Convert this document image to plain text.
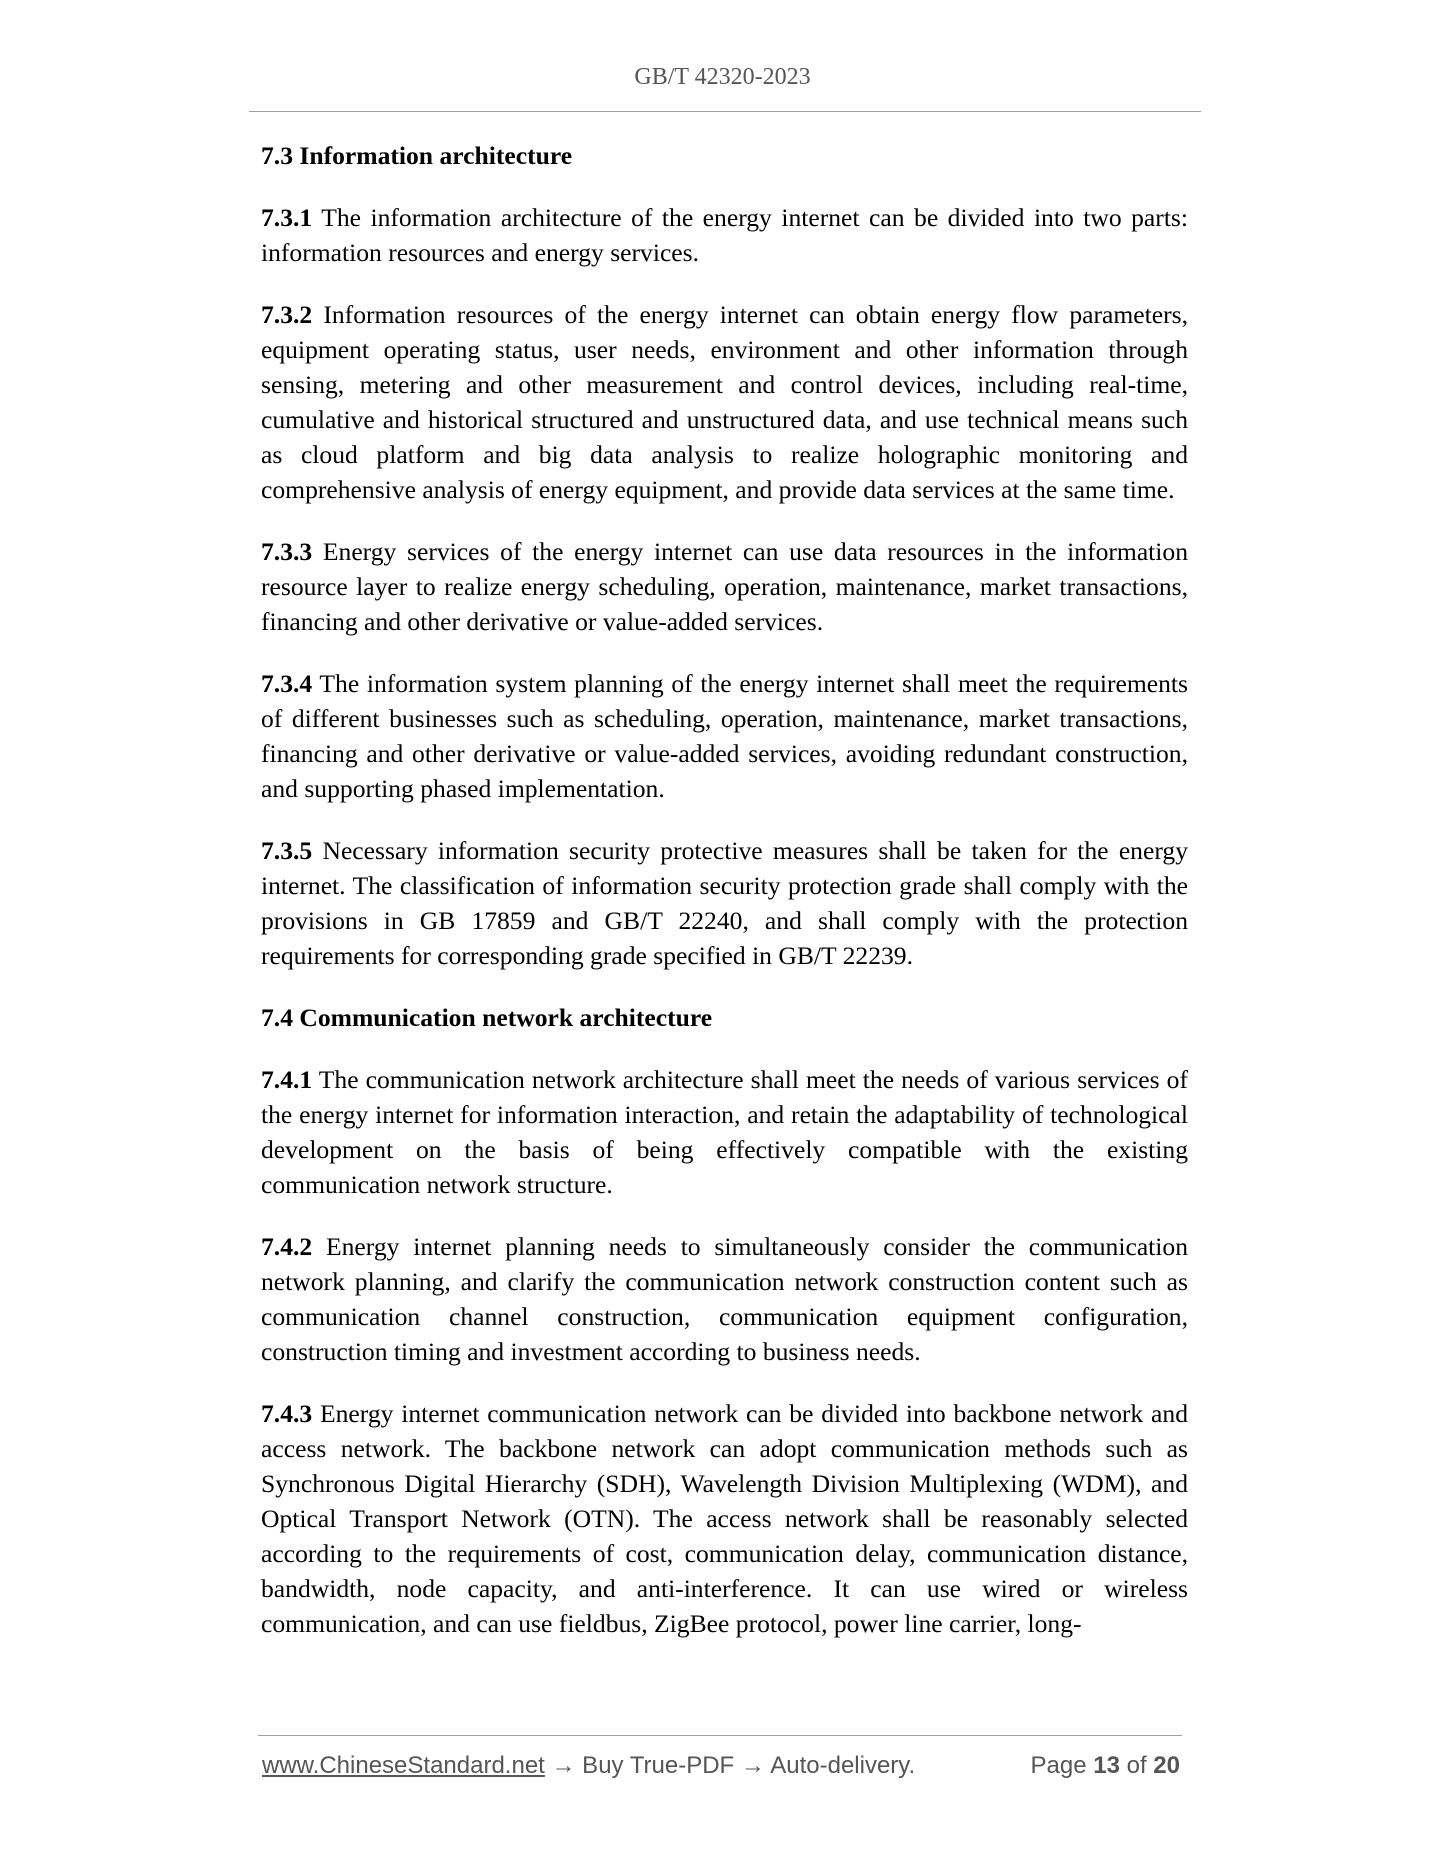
GB/T 42320-2023
7.3 Information architecture

7.3.1 The information architecture of the energy internet can be divided into two parts: information resources and energy services.

7.3.2 Information resources of the energy internet can obtain energy flow parameters, equipment operating status, user needs, environment and other information through sensing, metering and other measurement and control devices, including real-time, cumulative and historical structured and unstructured data, and use technical means such as cloud platform and big data analysis to realize holographic monitoring and comprehensive analysis of energy equipment, and provide data services at the same time.

7.3.3 Energy services of the energy internet can use data resources in the information resource layer to realize energy scheduling, operation, maintenance, market transactions, financing and other derivative or value-added services.

7.3.4 The information system planning of the energy internet shall meet the requirements of different businesses such as scheduling, operation, maintenance, market transactions, financing and other derivative or value-added services, avoiding redundant construction, and supporting phased implementation.

7.3.5 Necessary information security protective measures shall be taken for the energy internet. The classification of information security protection grade shall comply with the provisions in GB 17859 and GB/T 22240, and shall comply with the protection requirements for corresponding grade specified in GB/T 22239.

7.4 Communication network architecture

7.4.1 The communication network architecture shall meet the needs of various services of the energy internet for information interaction, and retain the adaptability of technological development on the basis of being effectively compatible with the existing communication network structure.

7.4.2 Energy internet planning needs to simultaneously consider the communication network planning, and clarify the communication network construction content such as communication channel construction, communication equipment configuration, construction timing and investment according to business needs.

7.4.3 Energy internet communication network can be divided into backbone network and access network. The backbone network can adopt communication methods such as Synchronous Digital Hierarchy (SDH), Wavelength Division Multiplexing (WDM), and Optical Transport Network (OTN). The access network shall be reasonably selected according to the requirements of cost, communication delay, communication distance, bandwidth, node capacity, and anti-interference. It can use wired or wireless communication, and can use fieldbus, ZigBee protocol, power line carrier, long-

www.ChineseStandard.net → Buy True-PDF → Auto-delivery.	Page 13 of 20
